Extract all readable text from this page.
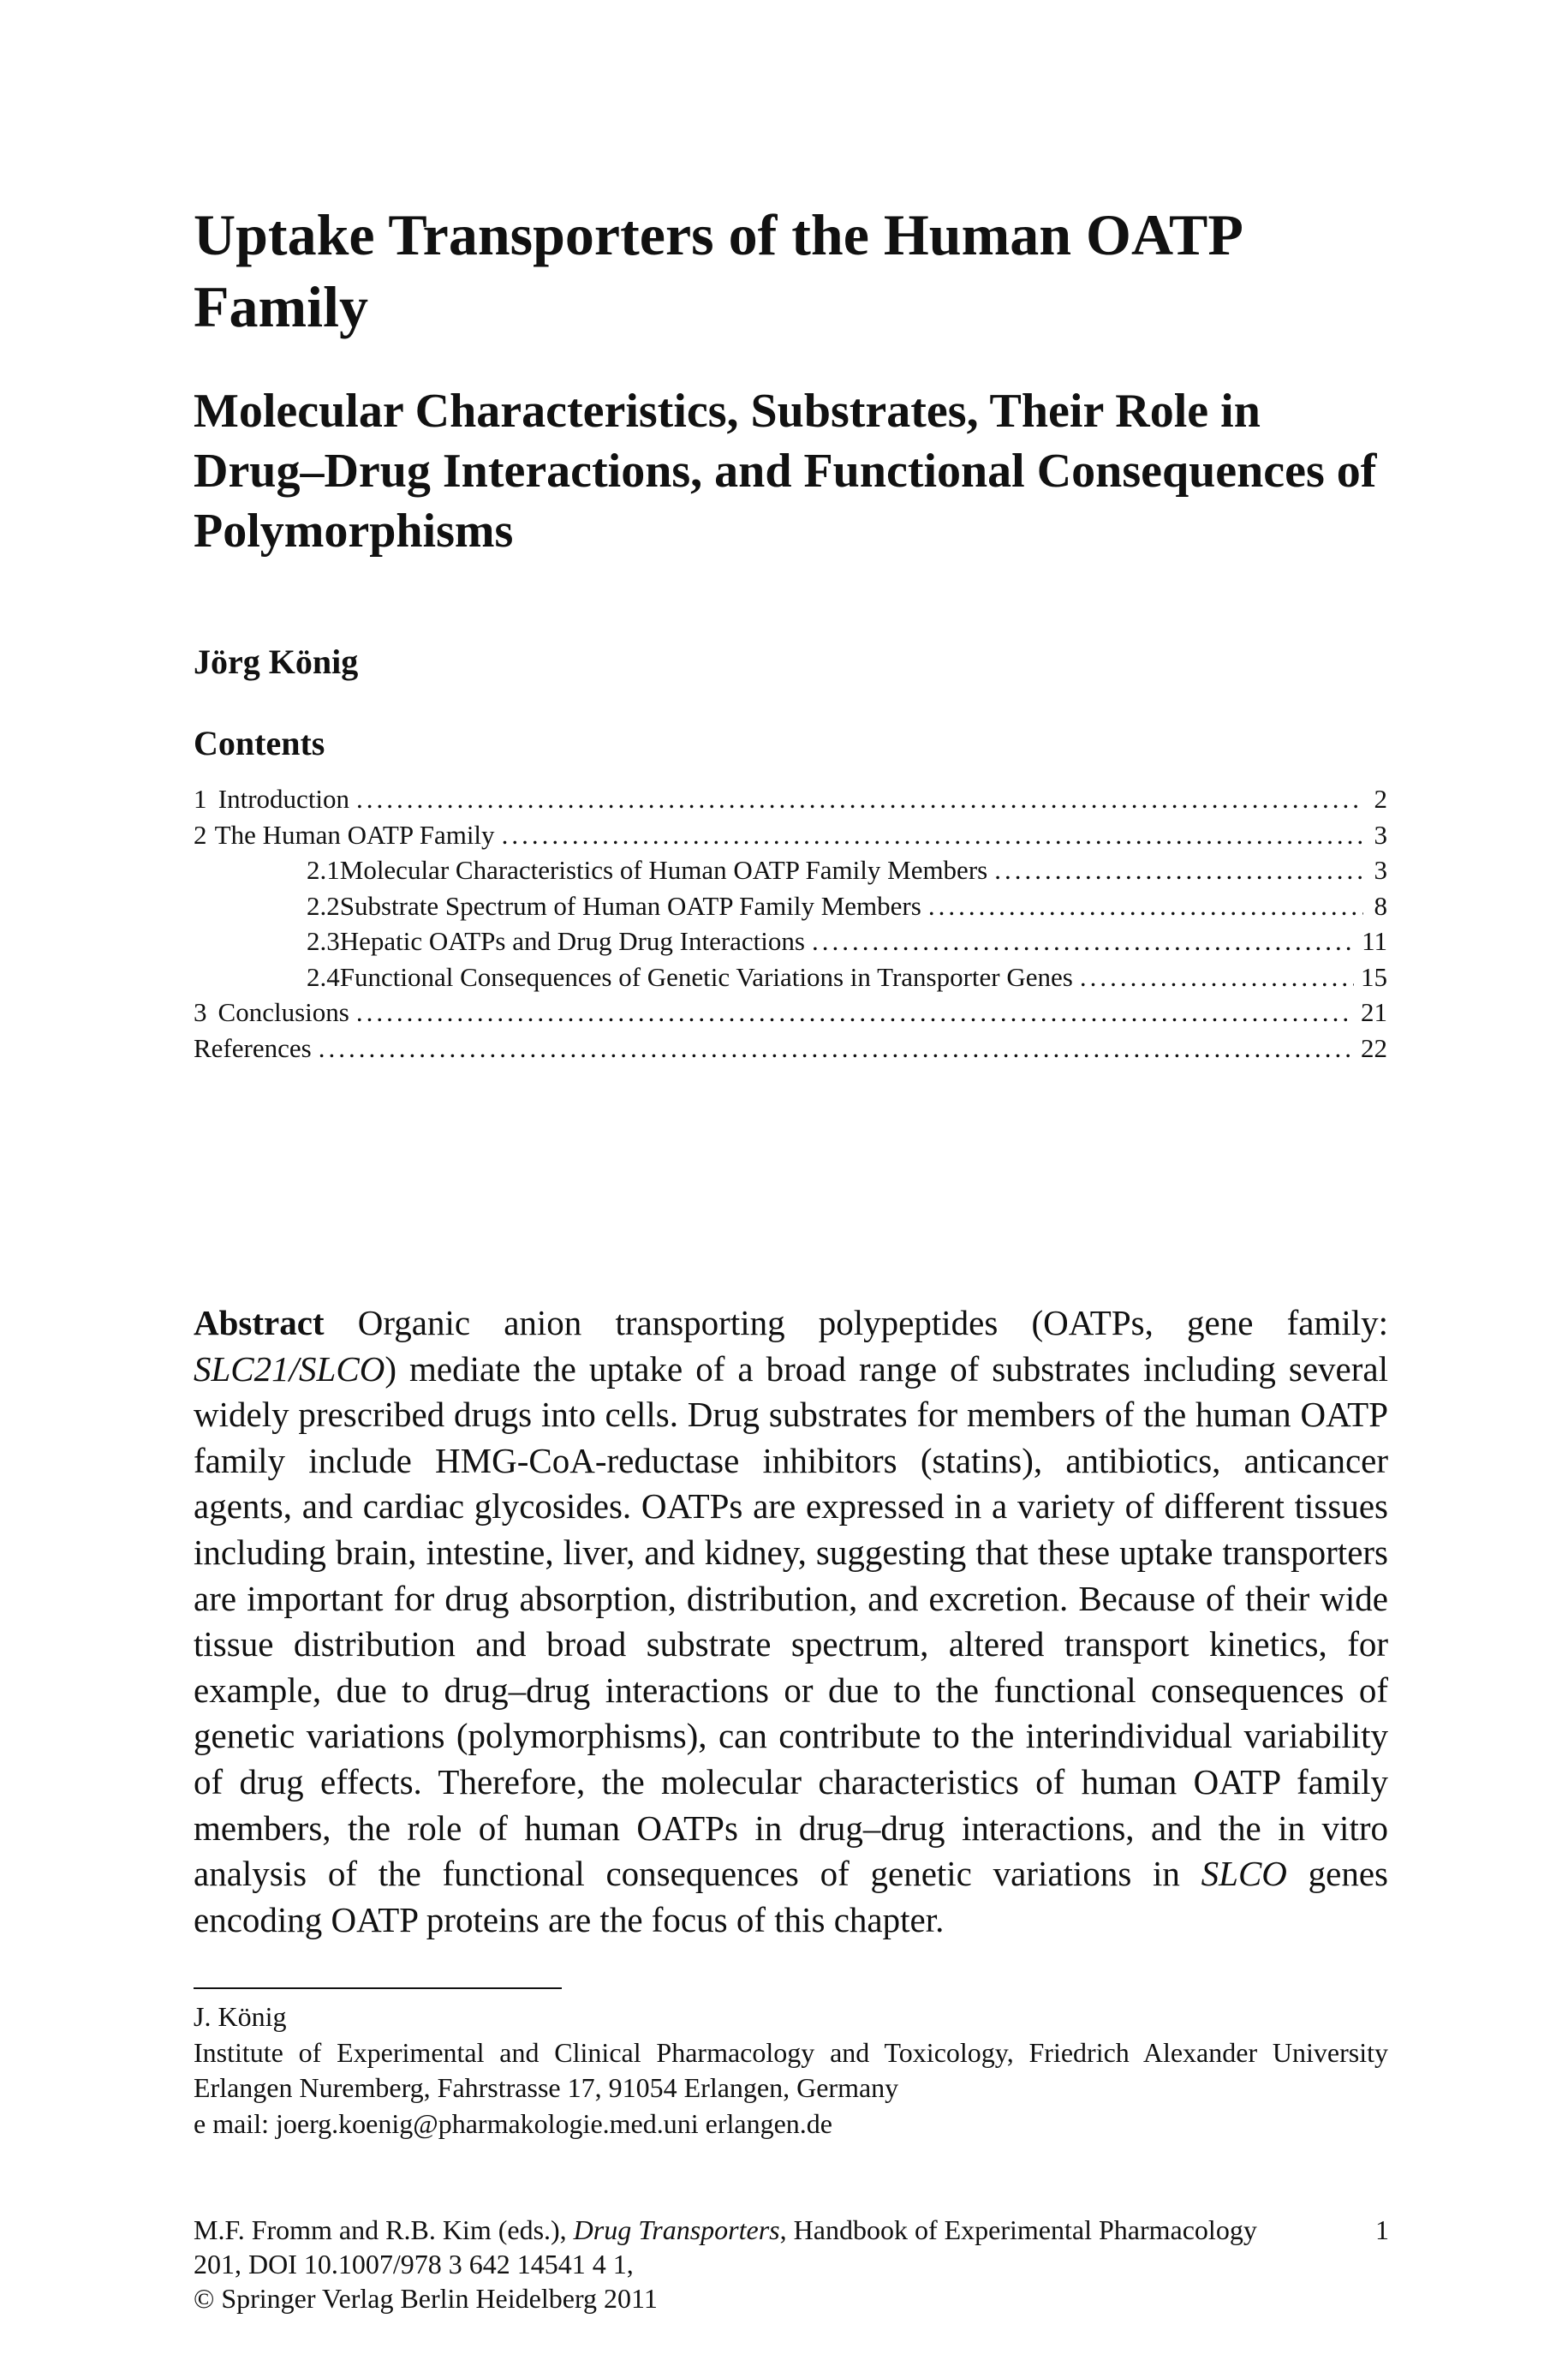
Uptake Transporters of the Human OATP Family
Molecular Characteristics, Substrates, Their Role in Drug–Drug Interactions, and Functional Consequences of Polymorphisms
Jörg König
Contents
1 Introduction .....	2
2 The Human OATP Family .....	3
2.1 Molecular Characteristics of Human OATP Family Members .....	3
2.2 Substrate Spectrum of Human OATP Family Members .....	8
2.3 Hepatic OATPs and Drug Drug Interactions .....	11
2.4 Functional Consequences of Genetic Variations in Transporter Genes .....	15
3 Conclusions .....	21
References .....	22

Abstract Organic anion transporting polypeptides (OATPs, gene family: SLC21/SLCO) mediate the uptake of a broad range of substrates including several widely prescribed drugs into cells. Drug substrates for members of the human OATP family include HMG-CoA-reductase inhibitors (statins), antibiotics, anticancer agents, and cardiac glycosides. OATPs are expressed in a variety of different tissues including brain, intestine, liver, and kidney, suggesting that these uptake transporters are important for drug absorption, distribution, and excretion. Because of their wide tissue distribution and broad substrate spectrum, altered transport kinetics, for example, due to drug–drug interactions or due to the functional consequences of genetic variations (polymorphisms), can contribute to the interindividual variability of drug effects. Therefore, the molecular characteristics of human OATP family members, the role of human OATPs in drug–drug interactions, and the in vitro analysis of the functional consequences of genetic variations in SLCO genes encoding OATP proteins are the focus of this chapter.

J. König
Institute of Experimental and Clinical Pharmacology and Toxicology, Friedrich Alexander University Erlangen Nuremberg, Fahrstrasse 17, 91054 Erlangen, Germany
e mail: joerg.koenig@pharmakologie.med.uni erlangen.de
M.F. Fromm and R.B. Kim (eds.), Drug Transporters, Handbook of Experimental Pharmacology 201, DOI 10.1007/978 3 642 14541 4 1,
© Springer Verlag Berlin Heidelberg 2011
1
